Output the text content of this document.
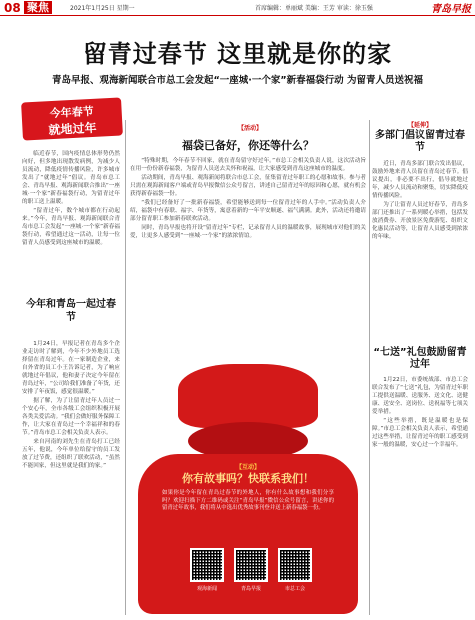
08 聚焦	2021年1月25日 星期一	首席编辑：单丽斌 美编：王芳 审读：徐玉强	青岛早报
留青过春节 这里就是你的家
青岛早报、观海新闻联合市总工会发起“一座城·一个家”新春福袋行动 为留青人员送祝福
今年春节
就地过年

临近春节，国内疫情总体形势仍然向好，但多地出现散发病例，为减少人员流动，降低疫情传播风险，许多城市发出了“就地过年”倡议。青岛市总工会、青岛早报、观海新闻联合推出“一座城·一个家”新春福袋行动，为留青过年的职工送上温暖。

“留青过年，数个城市都在行动起来。”今年，青岛早报、观海新闻联合青岛市总工会发起“一座城·一个家”新春福袋行动，希望通过这一活动，让每一位留青人员感受到这座城市的温暖。

今年和青岛一起过春节

1月24日，早报记者在青岛多个企业走访时了解到，今年不少外地员工选择留在青岛过年。在一家制造企业，来自外省的员工小王告诉记者，为了响应就地过年倡议，他和妻子决定今年留在青岛过年，“公司给我们准备了年货，还安排了年夜饭，感觉很温暖。”

据了解，为了让留青过年人员过一个安心年，全市各级工会组织积极开展各类关爱活动。“我们会做好服务保障工作，让大家在青岛过一个幸福祥和的春节。”青岛市总工会相关负责人表示。

来自河南的刘先生在青岛打工已经五年，他说，今年单位给留守的员工发放了过节费，还组织了联欢活动，“虽然不能回家，但这里就是我们的家。”

【活动】
福袋已备好，你还等什么？

“特殊时期，今年春节不回家，就在青岛留守好过年。”市总工会相关负责人说，这次活动旨在用一份份新春福袋，为留青人员送去关怀和祝福，让大家感受到青岛这座城市的温度。

活动期间，青岛早报、观海新闻将联合市总工会，征集留青过年职工的心愿和故事。参与者只需在观海新闻客户端或青岛早报微信公众号留言，讲述自己留青过年的原因和心愿，就有机会获得新春福袋一份。

“我们已经备好了一批新春福袋，希望能够送到每一位留青过年的人手中。”活动负责人介绍，福袋中有春联、福字、年货等，寓意着新的一年平安顺遂、福气满满。此外，活动还将邀请部分留青职工参加新春联欢活动。

同时，青岛早报也将开设“留青过年”专栏，记录留青人员的温暖故事，展现城市对他们的关爱，让更多人感受到“一座城·一个家”的浓浓情谊。

【延伸】
多部门倡议留青过春节

近日，青岛多部门联合发出倡议，鼓励外地来青人员留在青岛过春节。倡议提出，非必要不出行，倡导就地过年，减少人员流动和聚集，切实降低疫情传播风险。

为了让留青人员过好春节，青岛多部门还推出了一系列暖心举措，包括发放消费券、开放景区免费游览、组织文化惠民活动等，让留青人员感受到浓浓的年味。

“七送”礼包鼓励留青过年

1月22日，市委统战部、市总工会联合发布了“七送”礼包，为留青过年职工提供送温暖、送服务、送文化、送健康、送安全、送岗位、送祝福等七项关爱举措。

“这些举措，既是温暖也是保障。”市总工会相关负责人表示，希望通过这些举措，让留青过年的职工感受到家一般的温暖，安心过一个幸福年。

你有故事吗？快联系我们！
【互动】
如果你是今年留在青岛过春节的外地人，你有什么故事想和我们分享吗？欢迎扫描下方二维码或关注“青岛早报”微信公众号留言，讲述你的留青过年故事，我们将从中选出优秀故事刊登并送上新春福袋一份。
观海新闻	青岛早报	市总工会
